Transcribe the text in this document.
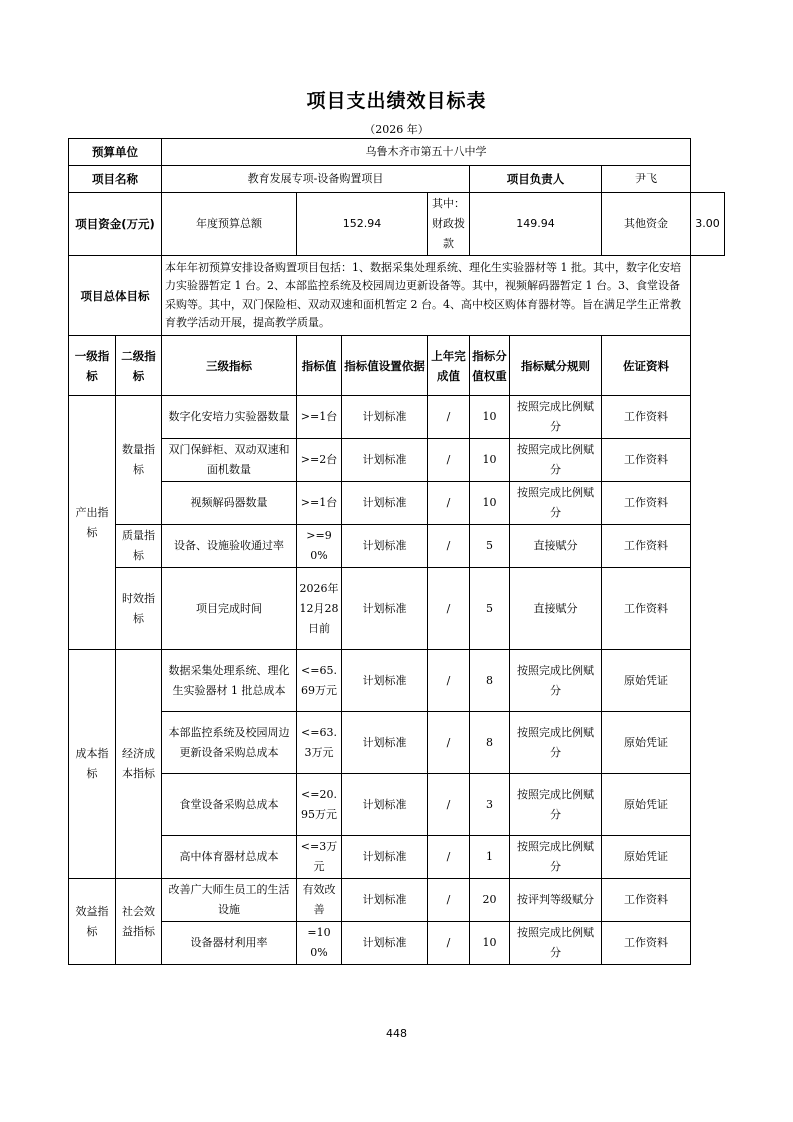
项目支出绩效目标表
（2026 年）
预算单位		乌鲁木齐市第五十八中学							
项目名称		教育发展专项-设备购置项目				项目负责人		尹飞	
项目资金(万元)		年度预算总额	152.94		其中：财政拨款	149.94		其他资金	3.00
项目总体目标		本年年初预算安排设备购置项目包括：1、数据采集处理系统、理化生实验器材等 1 批。其中，数字化安培力实验器暂定 1 台。2、本部监控系统及校园周边更新设备等。其中，视频解码器暂定 1 台。3、食堂设备采购等。其中，双门保险柜、双动双速和面机暂定 2 台。4、高中校区购体育器材等。旨在满足学生正常教育教学活动开展，提高教学质量。							
一级指标	二级指标	三级指标	指标值	指标值设置依据	上年完成值	指标分值权重	指标赋分规则	佐证资料	
产出指标	数量指标	数字化安培力实验器数量	>=1台	计划标准	/	10	按照完成比例赋分	工作资料	
		双门保鲜柜、双动双速和面机数量	>=2台	计划标准	/	10	按照完成比例赋分	工作资料	
		视频解码器数量	>=1台	计划标准	/	10	按照完成比例赋分	工作资料	
	质量指标	设备、设施验收通过率	>=90%	计划标准	/	5	直接赋分	工作资料	
	时效指标	项目完成时间	2026年12月28日前	计划标准	/	5	直接赋分	工作资料	
成本指标	经济成本指标	数据采集处理系统、理化生实验器材 1 批总成本	<=65.69万元	计划标准	/	8	按照完成比例赋分	原始凭证	
		本部监控系统及校园周边更新设备采购总成本	<=63.3万元	计划标准	/	8	按照完成比例赋分	原始凭证	
		食堂设备采购总成本	<=20.95万元	计划标准	/	3	按照完成比例赋分	原始凭证	
		高中体育器材总成本	<=3万元	计划标准	/	1	按照完成比例赋分	原始凭证	
效益指标	社会效益指标	改善广大师生员工的生活设施	有效改善	计划标准	/	20	按评判等级赋分	工作资料	
		设备器材利用率	=100%	计划标准	/	10	按照完成比例赋分	工作资料	
448
